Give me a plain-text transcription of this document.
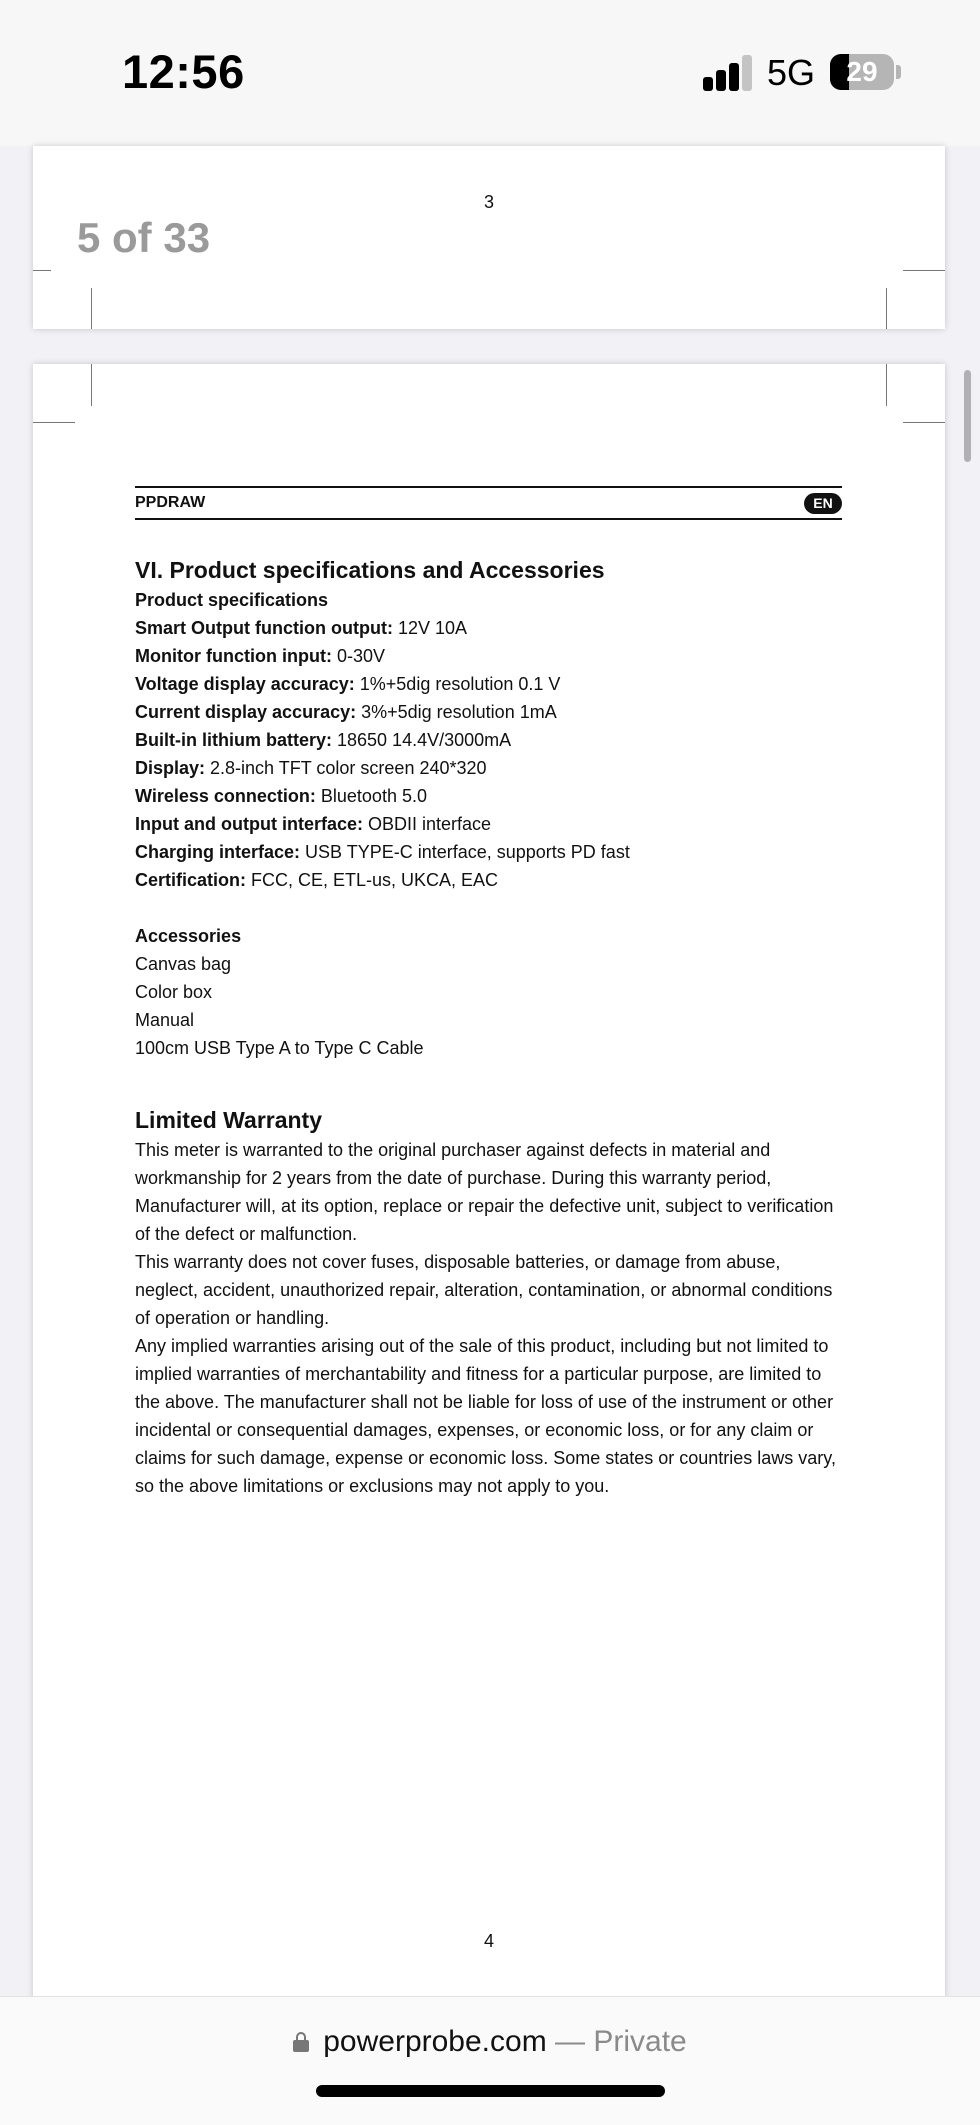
12:56	5G	29
3
5 of 33
PPDRAW	EN
VI. Product specifications and Accessories
Product specifications
Smart Output function output: 12V 10A
Monitor function input: 0-30V
Voltage display accuracy: 1%+5dig resolution 0.1 V
Current display accuracy: 3%+5dig resolution 1mA
Built-in lithium battery: 18650 14.4V/3000mA
Display: 2.8-inch TFT color screen 240*320
Wireless connection: Bluetooth 5.0
Input and output interface: OBDII interface
Charging interface: USB TYPE-C interface, supports PD fast
Certification: FCC, CE, ETL-us, UKCA, EAC
Accessories
Canvas bag
Color box
Manual
100cm USB Type A to Type C Cable
Limited Warranty
This meter is warranted to the original purchaser against defects in material and workmanship for 2 years from the date of purchase. During this warranty period, Manufacturer will, at its option, replace or repair the defective unit, subject to verification of the defect or malfunction.
This warranty does not cover fuses, disposable batteries, or damage from abuse, neglect, accident, unauthorized repair, alteration, contamination, or abnormal conditions of operation or handling.
Any implied warranties arising out of the sale of this product, including but not limited to implied warranties of merchantability and fitness for a particular purpose, are limited to the above. The manufacturer shall not be liable for loss of use of the instrument or other incidental or consequential damages, expenses, or economic loss, or for any claim or claims for such damage, expense or economic loss. Some states or countries laws vary, so the above limitations or exclusions may not apply to you.
4
powerprobe.com — Private
